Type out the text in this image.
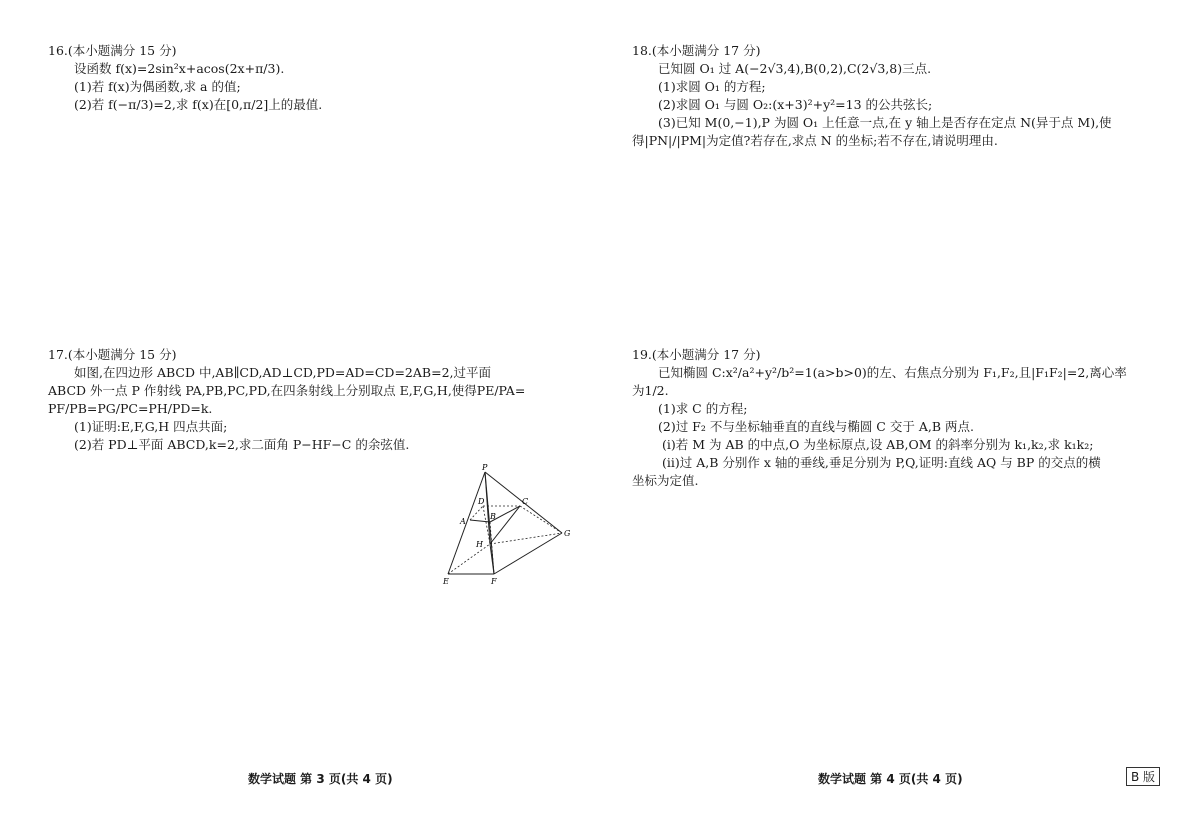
16.(本小题满分 15 分)
设函数 f(x)=2sin²x+acos(2x+π/3).
(1)若 f(x)为偶函数,求 a 的值;
(2)若 f(−π/3)=2,求 f(x)在[0,π/2]上的最值.
17.(本小题满分 15 分)
如图,在四边形 ABCD 中,AB∥CD,AD⊥CD,PD=AD=CD=2AB=2,过平面
ABCD 外一点 P 作射线 PA,PB,PC,PD,在四条射线上分别取点 E,F,G,H,使得PE/PA=
PF/PB=PG/PC=PH/PD=k.
(1)证明:E,F,G,H 四点共面;
(2)若 PD⊥平面 ABCD,k=2,求二面角 P−HF−C 的余弦值.
P
D	C
B
A
H
G
E	F
18.(本小题满分 17 分)
已知圆 O₁ 过 A(−2√3,4),B(0,2),C(2√3,8)三点.
(1)求圆 O₁ 的方程;
(2)求圆 O₁ 与圆 O₂:(x+3)²+y²=13 的公共弦长;
(3)已知 M(0,−1),P 为圆 O₁ 上任意一点,在 y 轴上是否存在定点 N(异于点 M),使
得|PN|/|PM|为定值?若存在,求点 N 的坐标;若不存在,请说明理由.
19.(本小题满分 17 分)
已知椭圆 C:x²/a²+y²/b²=1(a>b>0)的左、右焦点分别为 F₁,F₂,且|F₁F₂|=2,离心率
为1/2.
(1)求 C 的方程;
(2)过 F₂ 不与坐标轴垂直的直线与椭圆 C 交于 A,B 两点.
(ⅰ)若 M 为 AB 的中点,O 为坐标原点,设 AB,OM 的斜率分别为 k₁,k₂,求 k₁k₂;
(ⅱ)过 A,B 分别作 x 轴的垂线,垂足分别为 P,Q,证明:直线 AQ 与 BP 的交点的横
坐标为定值.
数学试题 第 3 页(共 4 页)	数学试题 第 4 页(共 4 页)	B 版
